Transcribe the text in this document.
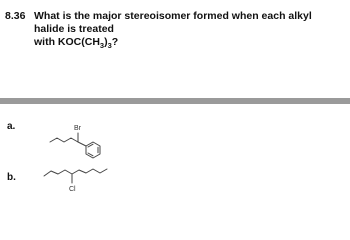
8.36 What is the major stereoisomer formed when each alkyl halide is treated
with $KOC(CH_3)_3$?
a.
b.
Br
Cl
